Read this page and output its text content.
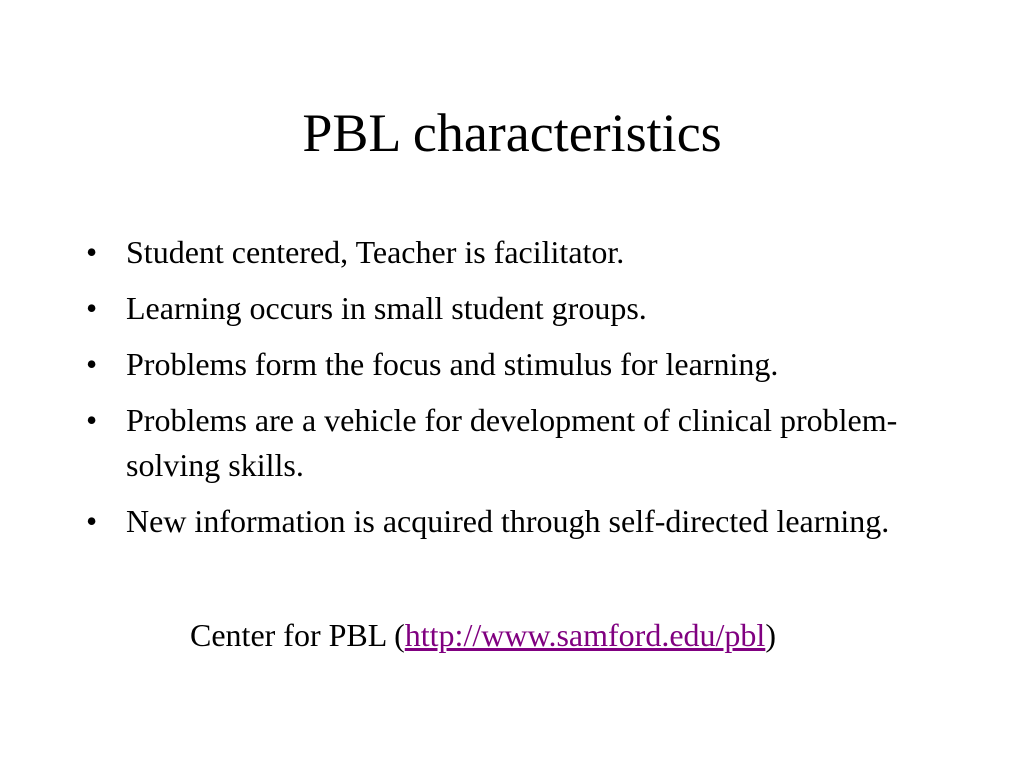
PBL characteristics
• Student centered, Teacher is facilitator.
• Learning occurs in small student groups.
• Problems form the focus and stimulus for learning.
• Problems are a vehicle for development of clinical problem-solving skills.
• New information is acquired through self-directed learning.
Center for PBL (http://www.samford.edu/pbl)
